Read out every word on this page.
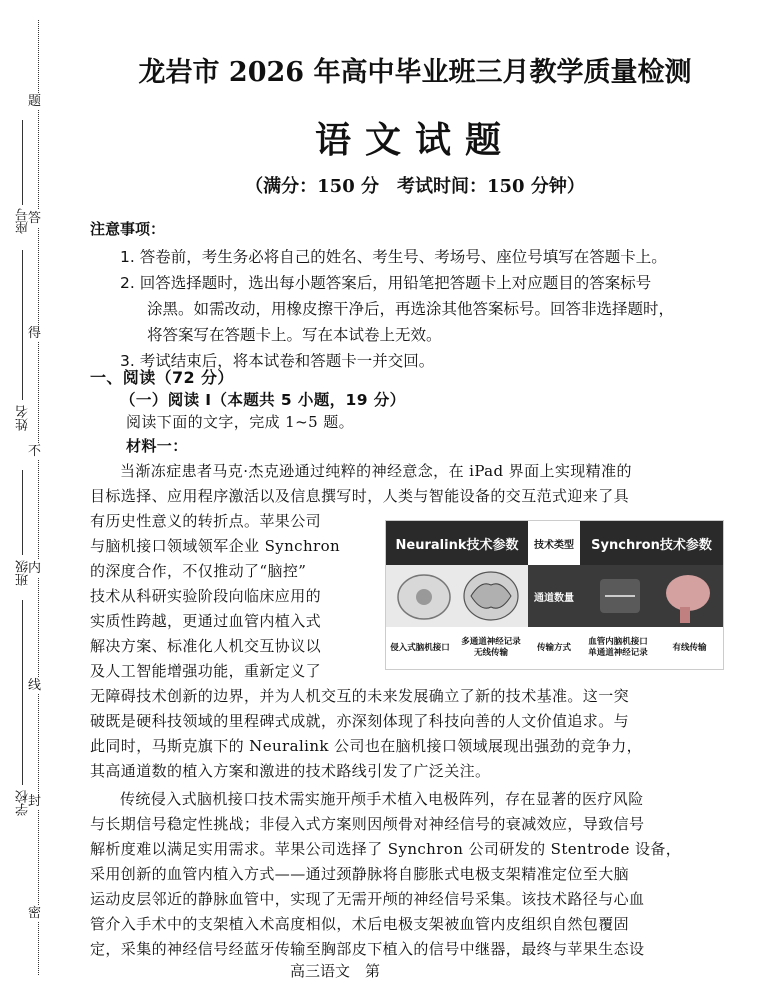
题
答
得
不
内
线
封
密
座号
姓名
班级
学校
龙岩市 2026 年高中毕业班三月教学质量检测
语文试题
（满分：150 分　考试时间：150 分钟）
注意事项：
1. 答卷前，考生务必将自己的姓名、考生号、考场号、座位号填写在答题卡上。
2. 回答选择题时，选出每小题答案后，用铅笔把答题卡上对应题目的答案标号
涂黑。如需改动，用橡皮擦干净后，再选涂其他答案标号。回答非选择题时，
将答案写在答题卡上。写在本试卷上无效。
3. 考试结束后，将本试卷和答题卡一并交回。
一、阅读（72 分）
（一）阅读 I（本题共 5 小题，19 分）
阅读下面的文字，完成 1~5 题。
材料一：
当渐冻症患者马克·杰克逊通过纯粹的神经意念，在 iPad 界面上实现精准的
目标选择、应用程序激活以及信息撰写时，人类与智能设备的交互范式迎来了具
有历史性意义的转折点。苹果公司
与脑机接口领域领军企业 Synchron
的深度合作，不仅推动了“脑控”
技术从科研实验阶段向临床应用的
实质性跨越，更通过血管内植入式
解决方案、标准化人机交互协议以
及人工智能增强功能，重新定义了
Neuralink技术参数	技术类型	Synchron技术参数
通道数量
侵入式脑机接口
多通道神经记录
无线传输
传输方式
血管内脑机接口
单通道神经记录
有线传输
无障碍技术创新的边界，并为人机交互的未来发展确立了新的技术基准。这一突
破既是硬科技领域的里程碑式成就，亦深刻体现了科技向善的人文价值追求。与
此同时，马斯克旗下的 Neuralink 公司也在脑机接口领域展现出强劲的竞争力，
其高通道数的植入方案和激进的技术路线引发了广泛关注。
传统侵入式脑机接口技术需实施开颅手术植入电极阵列，存在显著的医疗风险
与长期信号稳定性挑战；非侵入式方案则因颅骨对神经信号的衰减效应，导致信号
解析度难以满足实用需求。苹果公司选择了 Synchron 公司研发的 Stentrode 设备，
采用创新的血管内植入方式——通过颈静脉将自膨胀式电极支架精准定位至大脑
运动皮层邻近的静脉血管中，实现了无需开颅的神经信号采集。该技术路径与心血
管介入手术中的支架植入术高度相似，术后电极支架被血管内皮组织自然包覆固
定，采集的神经信号经蓝牙传输至胸部皮下植入的信号中继器，最终与苹果生态设
高三语文　第
